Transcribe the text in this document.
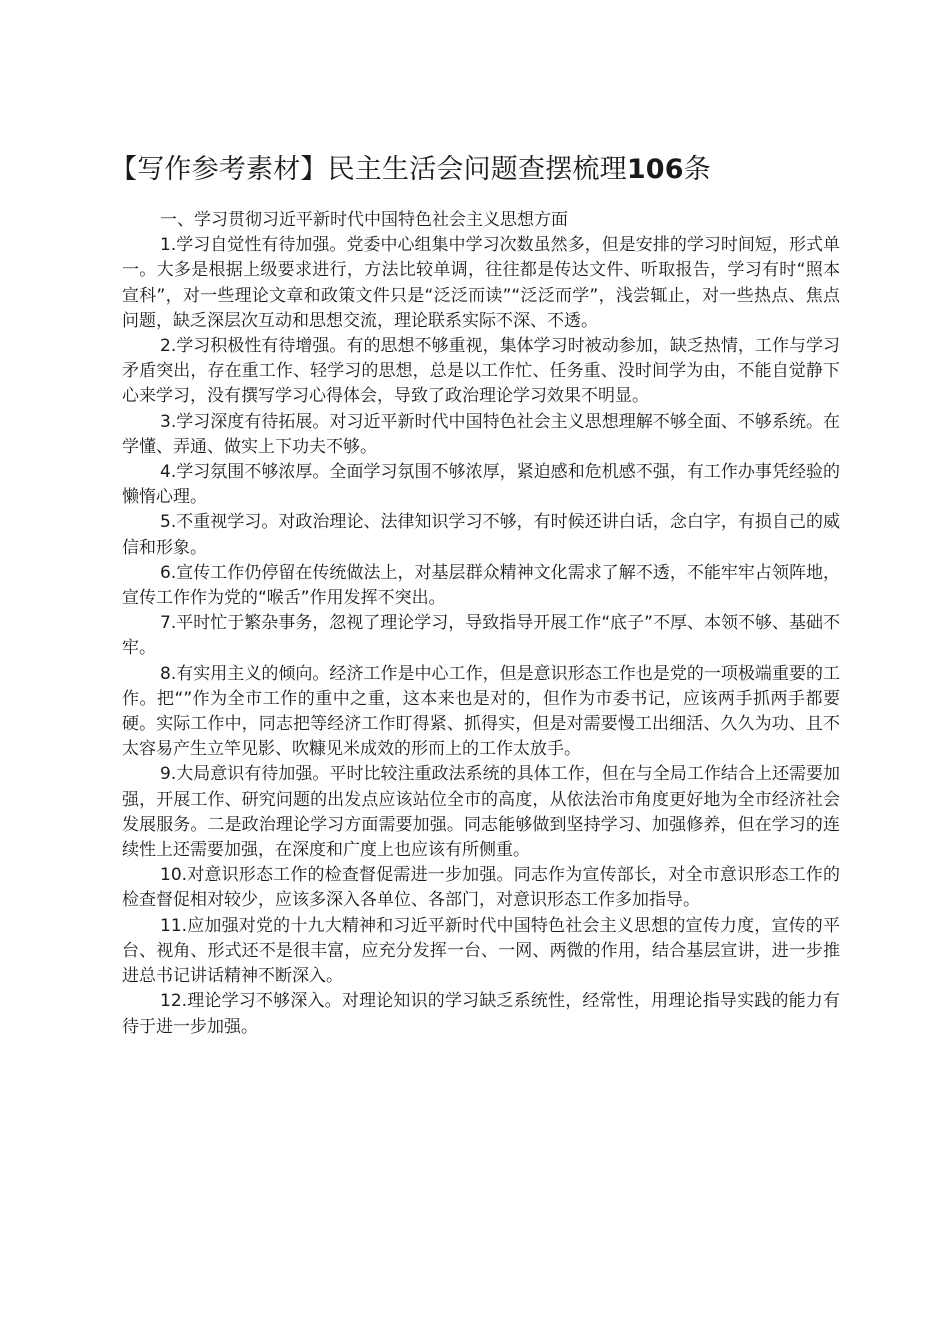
【写作参考素材】民主生活会问题查摆梳理106条

一、学习贯彻习近平新时代中国特色社会主义思想方面

1.学习自觉性有待加强。党委中心组集中学习次数虽然多，但是安排的学习时间短，形式单一。大多是根据上级要求进行，方法比较单调，往往都是传达文件、听取报告，学习有时“照本宣科”，对一些理论文章和政策文件只是“泛泛而读”“泛泛而学”，浅尝辄止，对一些热点、焦点问题，缺乏深层次互动和思想交流，理论联系实际不深、不透。

2.学习积极性有待增强。有的思想不够重视，集体学习时被动参加，缺乏热情，工作与学习矛盾突出，存在重工作、轻学习的思想，总是以工作忙、任务重、没时间学为由，不能自觉静下心来学习，没有撰写学习心得体会，导致了政治理论学习效果不明显。

3.学习深度有待拓展。对习近平新时代中国特色社会主义思想理解不够全面、不够系统。在学懂、弄通、做实上下功夫不够。

4.学习氛围不够浓厚。全面学习氛围不够浓厚，紧迫感和危机感不强，有工作办事凭经验的懒惰心理。

5.不重视学习。对政治理论、法律知识学习不够，有时候还讲白话，念白字，有损自己的威信和形象。

6.宣传工作仍停留在传统做法上，对基层群众精神文化需求了解不透，不能牢牢占领阵地，宣传工作作为党的“喉舌”作用发挥不突出。

7.平时忙于繁杂事务，忽视了理论学习，导致指导开展工作“底子”不厚、本领不够、基础不牢。

8.有实用主义的倾向。经济工作是中心工作，但是意识形态工作也是党的一项极端重要的工作。把“”作为全市工作的重中之重，这本来也是对的，但作为市委书记，应该两手抓两手都要硬。实际工作中，同志把等经济工作盯得紧、抓得实，但是对需要慢工出细活、久久为功、且不太容易产生立竿见影、吹糠见米成效的形而上的工作太放手。

9.大局意识有待加强。平时比较注重政法系统的具体工作，但在与全局工作结合上还需要加强，开展工作、研究问题的出发点应该站位全市的高度，从依法治市角度更好地为全市经济社会发展服务。二是政治理论学习方面需要加强。同志能够做到坚持学习、加强修养，但在学习的连续性上还需要加强，在深度和广度上也应该有所侧重。

10.对意识形态工作的检查督促需进一步加强。同志作为宣传部长，对全市意识形态工作的检查督促相对较少，应该多深入各单位、各部门，对意识形态工作多加指导。

11.应加强对党的十九大精神和习近平新时代中国特色社会主义思想的宣传力度，宣传的平台、视角、形式还不是很丰富，应充分发挥一台、一网、两微的作用，结合基层宣讲，进一步推进总书记讲话精神不断深入。

12.理论学习不够深入。对理论知识的学习缺乏系统性，经常性，用理论指导实践的能力有待于进一步加强。
